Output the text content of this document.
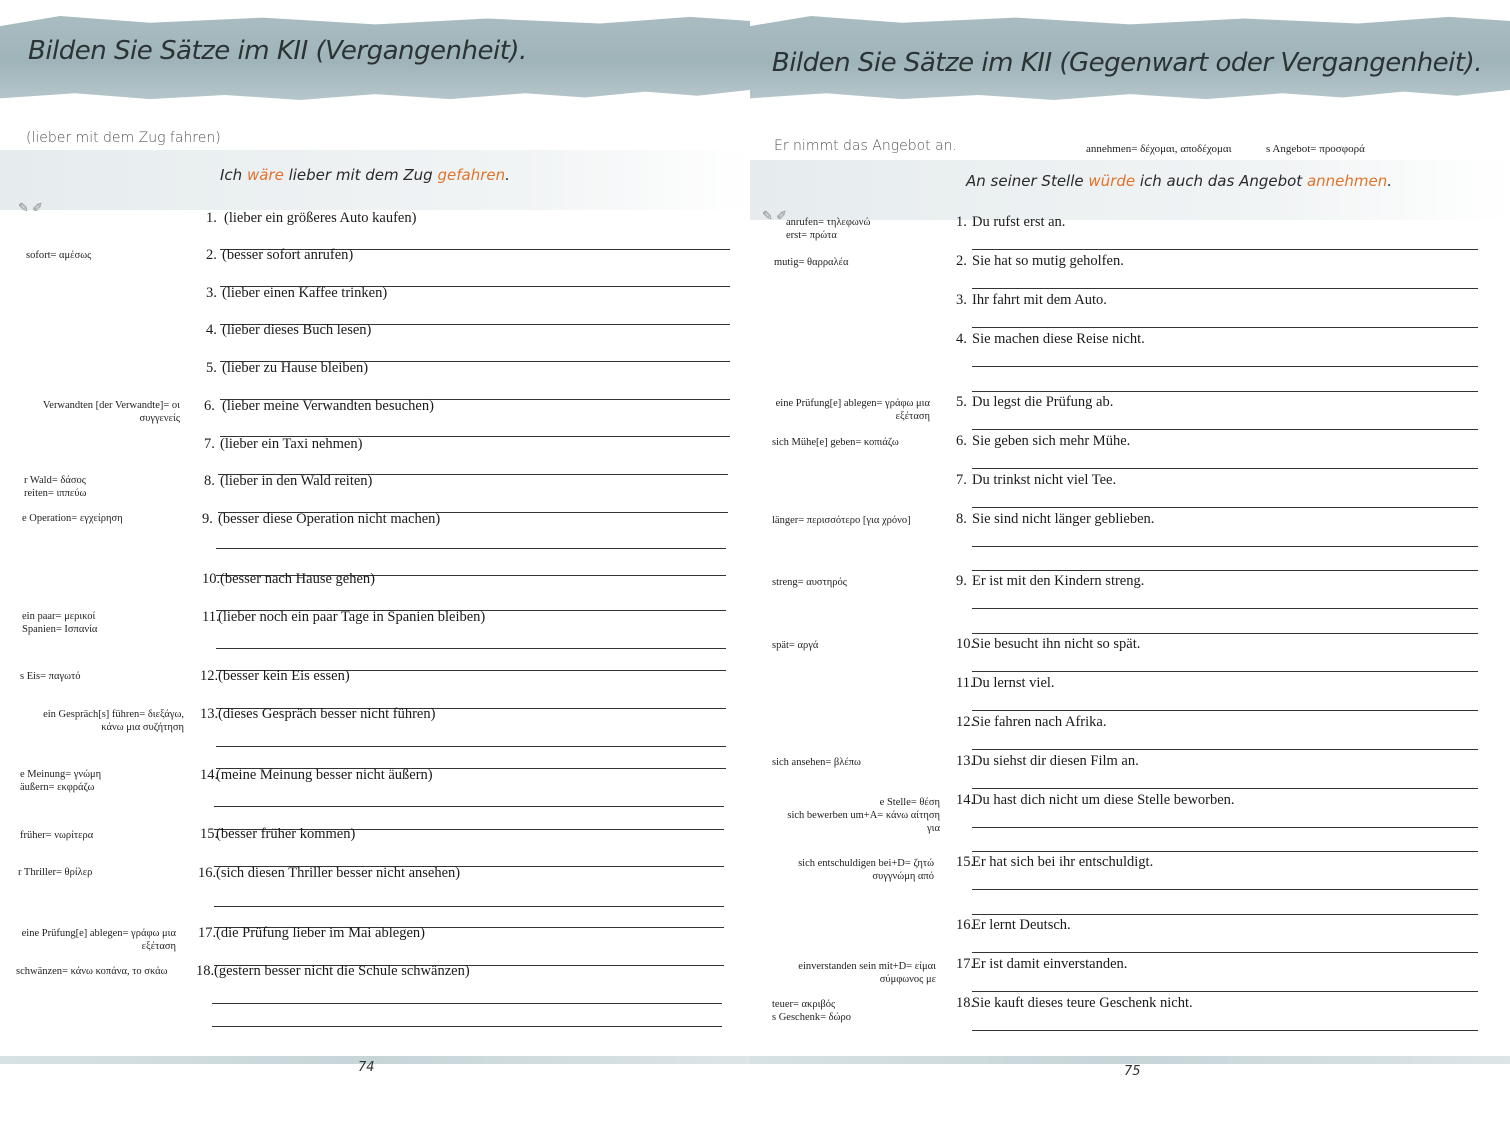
Bilden Sie Sätze im KII (Vergangenheit).
(lieber mit dem Zug fahren)
Ich wäre lieber mit dem Zug gefahren.
✎ ✐
sofort= αμέσως
Verwandten [der Verwandte]= οι
συγγενείς
r Wald= δάσος
reiten= ιππεύω
e Operation= εγχείρηση
ein paar= μερικοί
Spanien= Ισπανία
s Eis= παγωτό
ein Gespräch[s] führen= διεξάγω,
κάνω μια συζήτηση
e Meinung= γνώμη
äußern= εκφράζω
früher= νωρίτερα
r Thriller= θρίλερ
eine Prüfung[e] ablegen= γράφω μια
εξέταση
schwänzen= κάνω κοπάνα, το σκάω
1. (lieber ein größeres Auto kaufen)
2. (besser sofort anrufen)
3. (lieber einen Kaffee trinken)
4. (lieber dieses Buch lesen)
5. (lieber zu Hause bleiben)
6. (lieber meine Verwandten besuchen)
7. (lieber ein Taxi nehmen)
8. (lieber in den Wald reiten)
9. (besser diese Operation nicht machen)
10. (besser nach Hause gehen)
11.
(lieber noch ein paar Tage in Spanien bleiben)
12. (besser kein Eis essen)
13. (dieses Gespräch besser nicht führen)
14.
(meine Meinung besser nicht äußern)
15.
(besser früher kommen)
16. (sich diesen Thriller besser nicht ansehen)
17. (die Prüfung lieber im Mai ablegen)
18. (gestern besser nicht die Schule schwänzen)
74
Bilden Sie Sätze im KII (Gegenwart oder Vergangenheit).
Er nimmt das Angebot an.	annehmen= δέχομαι, αποδέχομαι	s Angebot= προσφορά
An seiner Stelle würde ich auch das Angebot annehmen.
✎ ✐
anrufen= τηλεφωνώ
erst= πρώτα
mutig= θαρραλέα
eine Prüfung[e] ablegen= γράφω μια
εξέταση
sich Mühe[e] geben= κοπιάζω
länger= περισσότερο [για χρόνο]
streng= αυστηρός
spät= αργά
sich ansehen= βλέπω
e Stelle= θέση
sich bewerben um+A= κάνω αίτηση
για
sich entschuldigen bei+D= ζητώ
συγγνώμη από
einverstanden sein mit+D= είμαι
σύμφωνος με
teuer= ακριβός
s Geschenk= δώρο
1. Du rufst erst an.
2. Sie hat so mutig geholfen.
3. Ihr fahrt mit dem Auto.
4. Sie machen diese Reise nicht.
5. Du legst die Prüfung ab.
6. Sie geben sich mehr Mühe.
7. Du trinkst nicht viel Tee.
8. Sie sind nicht länger geblieben.
9. Er ist mit den Kindern streng.
10.
Sie besucht ihn nicht so spät.
11.
Du lernst viel.
12.
Sie fahren nach Afrika.
13.
Du siehst dir diesen Film an.
14.
Du hast dich nicht um diese Stelle beworben.
15.
Er hat sich bei ihr entschuldigt.
16.
Er lernt Deutsch.
17.
Er ist damit einverstanden.
18.
Sie kauft dieses teure Geschenk nicht.
75
